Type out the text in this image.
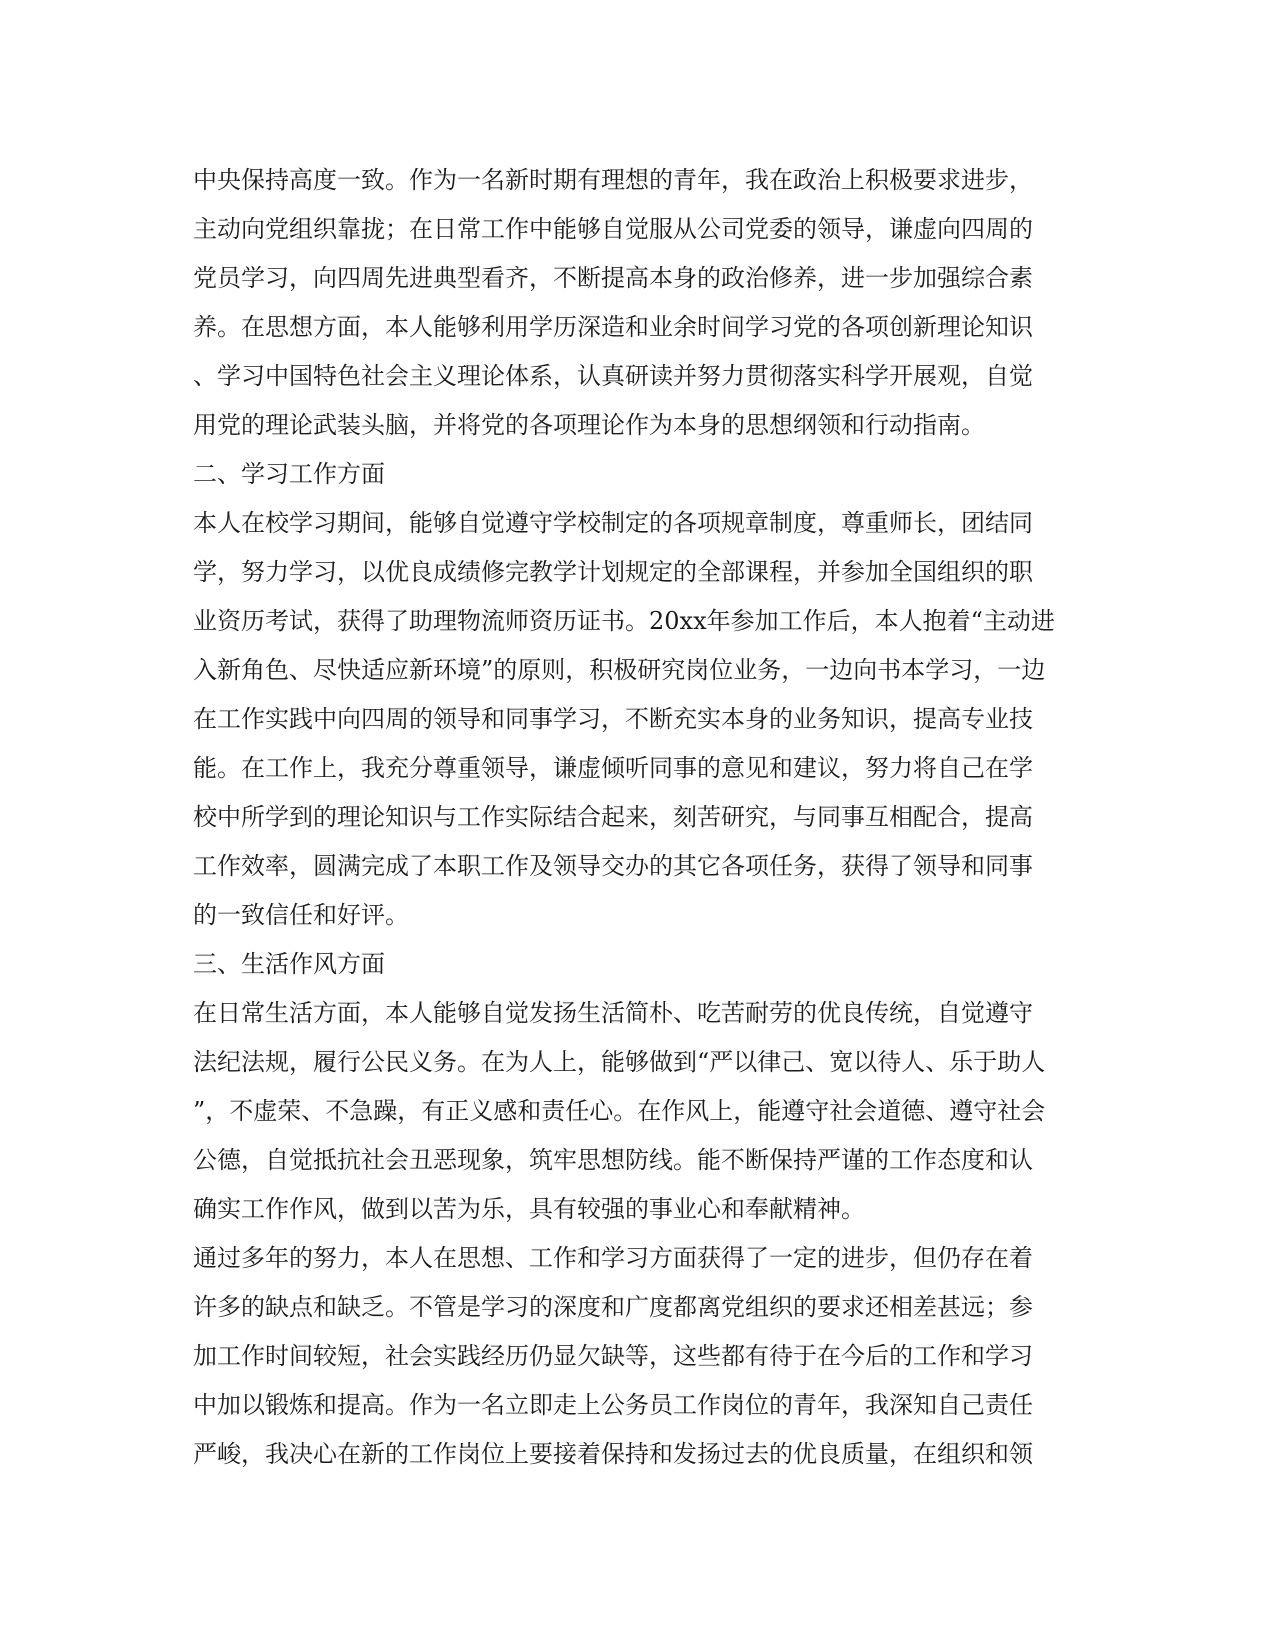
中央保持高度一致。作为一名新时期有理想的青年，我在政治上积极要求进步，
主动向党组织靠拢；在日常工作中能够自觉服从公司党委的领导，谦虚向四周的
党员学习，向四周先进典型看齐，不断提高本身的政治修养，进一步加强综合素
养。在思想方面，本人能够利用学历深造和业余时间学习党的各项创新理论知识
、学习中国特色社会主义理论体系，认真研读并努力贯彻落实科学开展观，自觉
用党的理论武装头脑，并将党的各项理论作为本身的思想纲领和行动指南。
二、学习工作方面
本人在校学习期间，能够自觉遵守学校制定的各项规章制度，尊重师长，团结同
学，努力学习，以优良成绩修完教学计划规定的全部课程，并参加全国组织的职
业资历考试，获得了助理物流师资历证书。20xx年参加工作后，本人抱着“主动进
入新角色、尽快适应新环境”的原则，积极研究岗位业务，一边向书本学习，一边
在工作实践中向四周的领导和同事学习，不断充实本身的业务知识，提高专业技
能。在工作上，我充分尊重领导，谦虚倾听同事的意见和建议，努力将自己在学
校中所学到的理论知识与工作实际结合起来，刻苦研究，与同事互相配合，提高
工作效率，圆满完成了本职工作及领导交办的其它各项任务，获得了领导和同事
的一致信任和好评。
三、生活作风方面
在日常生活方面，本人能够自觉发扬生活简朴、吃苦耐劳的优良传统，自觉遵守
法纪法规，履行公民义务。在为人上，能够做到“严以律己、宽以待人、乐于助人
”，不虚荣、不急躁，有正义感和责任心。在作风上，能遵守社会道德、遵守社会
公德，自觉抵抗社会丑恶现象，筑牢思想防线。能不断保持严谨的工作态度和认
确实工作作风，做到以苦为乐，具有较强的事业心和奉献精神。
通过多年的努力，本人在思想、工作和学习方面获得了一定的进步，但仍存在着
许多的缺点和缺乏。不管是学习的深度和广度都离党组织的要求还相差甚远；参
加工作时间较短，社会实践经历仍显欠缺等，这些都有待于在今后的工作和学习
中加以锻炼和提高。作为一名立即走上公务员工作岗位的青年，我深知自己责任
严峻，我决心在新的工作岗位上要接着保持和发扬过去的优良质量，在组织和领
